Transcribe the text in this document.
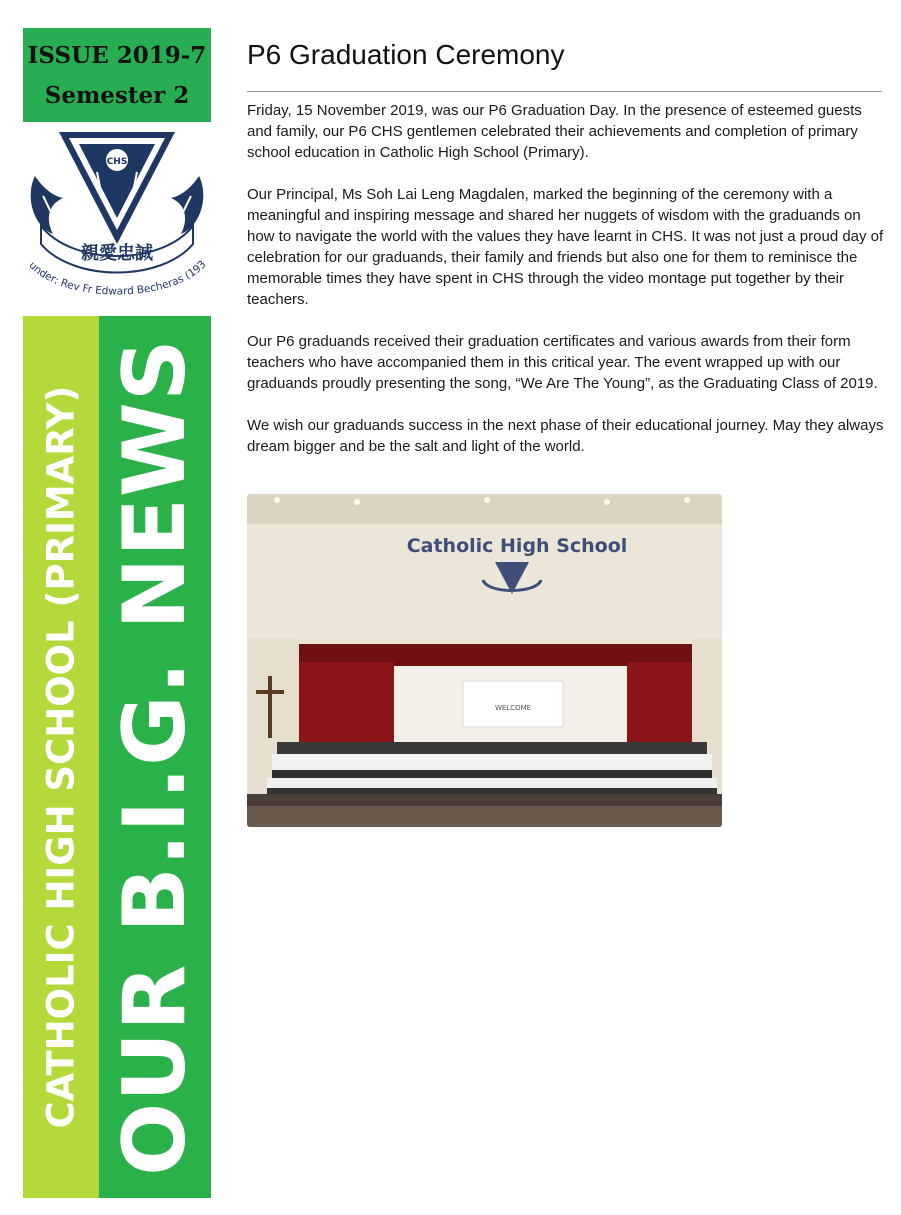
ISSUE 2019-7
Semester 2
CHS
親愛忠誠
under: Rev Fr Edward Becheras (193
CATHOLIC HIGH SCHOOL (PRIMARY) OUR B.I.G. NEWS
P6 Graduation Ceremony

Friday, 15 November 2019, was our P6 Graduation Day. In the presence of esteemed guests and family, our P6 CHS gentlemen celebrated their achievements and completion of primary school education in Catholic High School (Primary).

Our Principal, Ms Soh Lai Leng Magdalen, marked the beginning of the ceremony with a meaningful and inspiring message and shared her nuggets of wisdom with the graduands on how to navigate the world with the values they have learnt in CHS. It was not just a proud day of celebration for our graduands, their family and friends but also one for them to reminisce the memorable times they have spent in CHS through the video montage put together by their teachers.

Our P6 graduands received their graduation certificates and various awards from their form teachers who have accompanied them in this critical year. The event wrapped up with our graduands proudly presenting the song, “We Are The Young”, as the Graduating Class of 2019.

We wish our graduands success in the next phase of their educational journey. May they always dream bigger and be the salt and light of the world.

Catholic High School
WELCOME
